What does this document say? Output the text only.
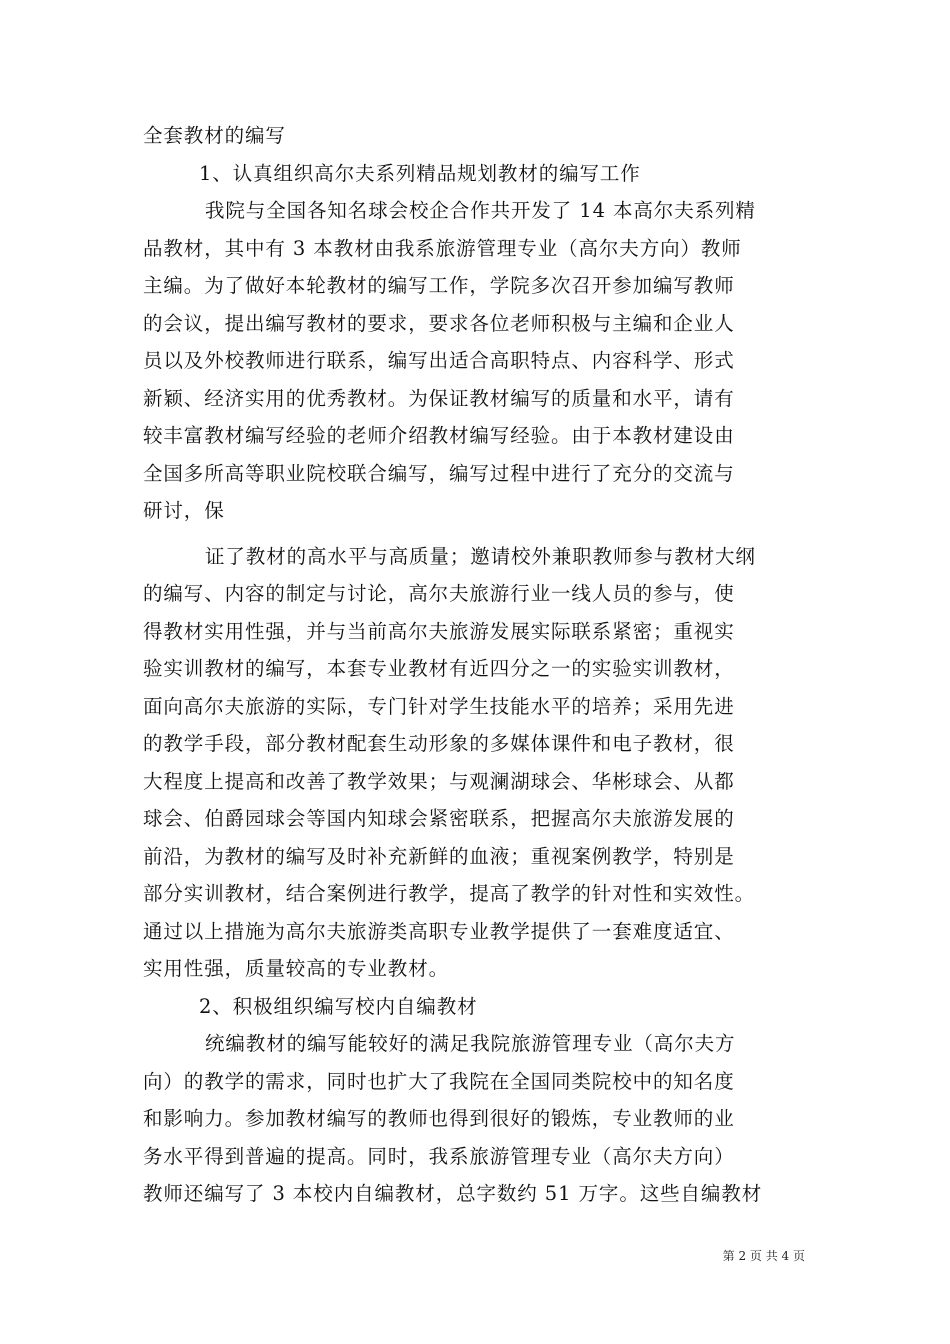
全套教材的编写
1、认真组织高尔夫系列精品规划教材的编写工作
我院与全国各知名球会校企合作共开发了 14 本高尔夫系列精
品教材，其中有 3 本教材由我系旅游管理专业（高尔夫方向）教师
主编。为了做好本轮教材的编写工作，学院多次召开参加编写教师
的会议，提出编写教材的要求，要求各位老师积极与主编和企业人
员以及外校教师进行联系，编写出适合高职特点、内容科学、形式
新颖、经济实用的优秀教材。为保证教材编写的质量和水平，请有
较丰富教材编写经验的老师介绍教材编写经验。由于本教材建设由
全国多所高等职业院校联合编写，编写过程中进行了充分的交流与
研讨，保
证了教材的高水平与高质量；邀请校外兼职教师参与教材大纲
的编写、内容的制定与讨论，高尔夫旅游行业一线人员的参与，使
得教材实用性强，并与当前高尔夫旅游发展实际联系紧密；重视实
验实训教材的编写，本套专业教材有近四分之一的实验实训教材，
面向高尔夫旅游的实际，专门针对学生技能水平的培养；采用先进
的教学手段，部分教材配套生动形象的多媒体课件和电子教材，很
大程度上提高和改善了教学效果；与观澜湖球会、华彬球会、从都
球会、伯爵园球会等国内知球会紧密联系，把握高尔夫旅游发展的
前沿，为教材的编写及时补充新鲜的血液；重视案例教学，特别是
部分实训教材，结合案例进行教学，提高了教学的针对性和实效性。
通过以上措施为高尔夫旅游类高职专业教学提供了一套难度适宜、
实用性强，质量较高的专业教材。
2、积极组织编写校内自编教材
统编教材的编写能较好的满足我院旅游管理专业（高尔夫方
向）的教学的需求，同时也扩大了我院在全国同类院校中的知名度
和影响力。参加教材编写的教师也得到很好的锻炼，专业教师的业
务水平得到普遍的提高。同时，我系旅游管理专业（高尔夫方向）
教师还编写了 3 本校内自编教材，总字数约 51 万字。这些自编教材
第 2 页 共 4 页
